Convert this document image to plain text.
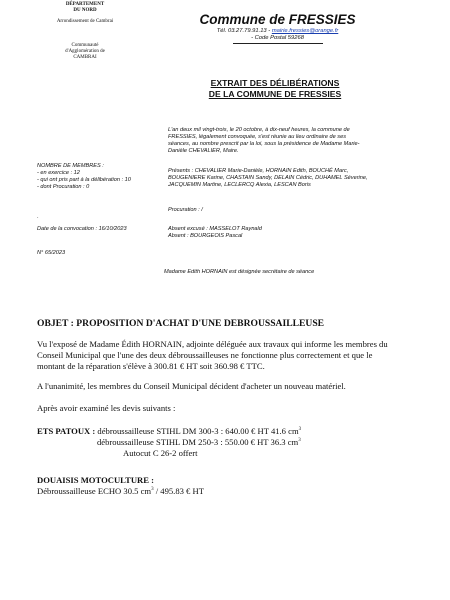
DÉPARTEMENT
DU NORD
Arrondissement de Cambrai
Communauté
d'Agglomération de
CAMBRAI
Commune de FRESSIES
Tél. 03.27.79.91.13 - mairie.fressies@orange.fr
- Code Postal 59268
EXTRAIT DES DÉLIBÉRATIONS
DE LA COMMUNE DE FRESSIES
L'an deux mil vingt-trois, le 20 octobre, à dix-neuf heures, la commune de
FRESSIES, légalement convoquée, s'est réunie au lieu ordinaire de ses
séances, au nombre prescrit par la loi, sous la présidence de Madame Marie-
Danièle CHEVALIER, Maire.
NOMBRE DE MEMBRES :
- en exercice : 12
- qui ont pris part à la délibération : 10
- dont Procuration : 0
Présents : CHEVALIER Marie-Danièle, HORNAIN Edith, BOUCHÉ Marc,
BOUGENIERE Karine, CHASTAIN Sandy, DELAIN Cédric, DUHAMEL Séverine,
JACQUEMIN Martine, LECLERCQ Alexia, LESCAN Boris
Procuration : /
.
Date de la convocation : 16/10/2023	Absent excusé : MASSELOT Raynald
Absent : BOURGEOIS Pascal
N° 65/2023
Madame Edith HORNAIN est désignée secrétaire de séance
OBJET : PROPOSITION D'ACHAT D'UNE DEBROUSSAILLEUSE
Vu l'exposé de Madame Édith HORNAIN, adjointe déléguée aux travaux qui informe les membres du
Conseil Municipal que l'une des deux débroussailleuses ne fonctionne plus correctement et que le
montant de la réparation s'élève à 300.81 € HT soit 360.98 € TTC.
A l'unanimité, les membres du Conseil Municipal décident d'acheter un nouveau matériel.
Après avoir examiné les devis suivants :
ETS PATOUX : débroussailleuse STIHL DM 300-3 : 640.00 € HT 41.6 $cm^3$
débroussailleuse STIHL DM 250-3 : 550.00 € HT 36.3 $cm^3$
Autocut C 26-2 offert
DOUAISIS MOTOCULTURE :
Débroussailleuse ECHO 30.5 $cm^3 / 495.83$ € HT
